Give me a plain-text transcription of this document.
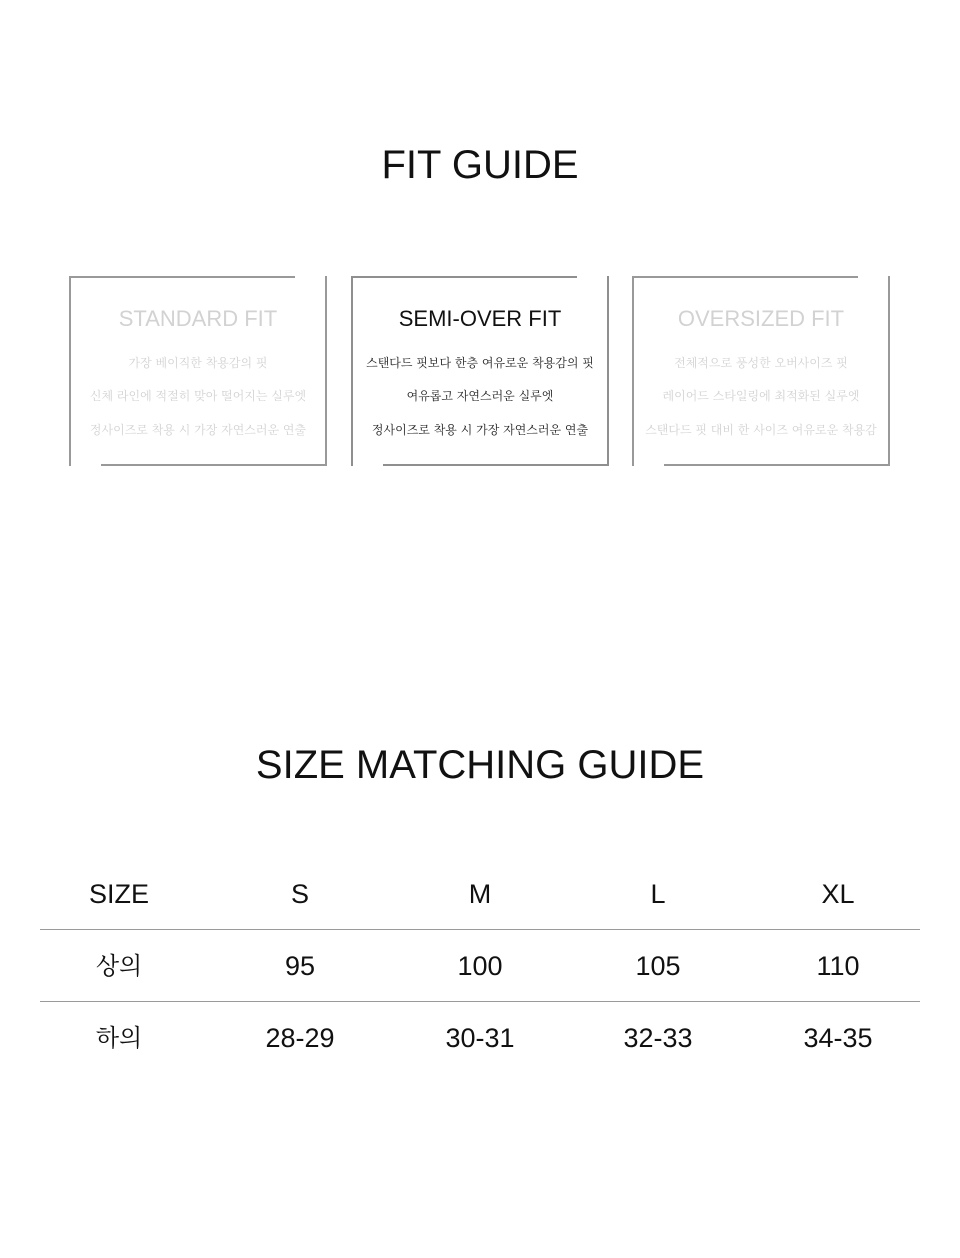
FIT GUIDE
STANDARD FIT
가장 베이직한 착용감의 핏
신체 라인에 적절히 맞아 떨어지는 실루엣
정사이즈로 착용 시 가장 자연스러운 연출
SEMI-OVER FIT
스탠다드 핏보다 한층 여유로운 착용감의 핏
여유롭고 자연스러운 실루엣
정사이즈로 착용 시 가장 자연스러운 연출
OVERSIZED FIT
전체적으로 풍성한 오버사이즈 핏
레이어드 스타일링에 최적화된 실루엣
스탠다드 핏 대비 한 사이즈 여유로운 착용감
SIZE MATCHING GUIDE
SIZE	S	M	L	XL
상의	95	100	105	110
하의	28-29	30-31	32-33	34-35
